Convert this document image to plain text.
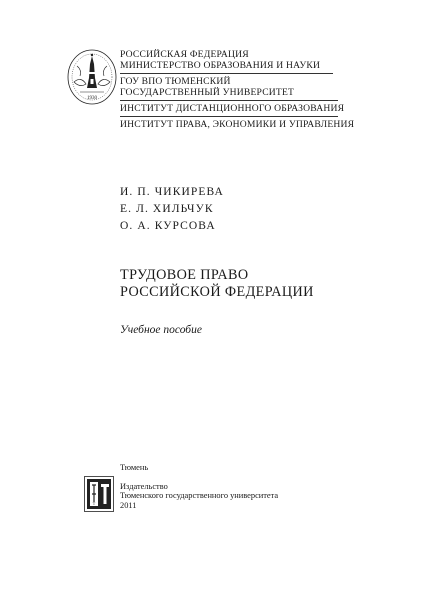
1930
РОССИЙСКАЯ ФЕДЕРАЦИЯ
МИНИСТЕРСТВО ОБРАЗОВАНИЯ И НАУКИ
ГОУ ВПО ТЮМЕНСКИЙ
ГОСУДАРСТВЕННЫЙ УНИВЕРСИТЕТ
ИНСТИТУТ ДИСТАНЦИОННОГО ОБРАЗОВАНИЯ
ИНСТИТУТ ПРАВА, ЭКОНОМИКИ И УПРАВЛЕНИЯ
И. П. ЧИКИРЕВА
Е. Л. ХИЛЬЧУК
О. А. КУРСОВА
ТРУДОВОЕ ПРАВО
РОССИЙСКОЙ ФЕДЕРАЦИИ
Учебное пособие
Т
Тюмень
Издательство
Тюменского государственного университета
2011
